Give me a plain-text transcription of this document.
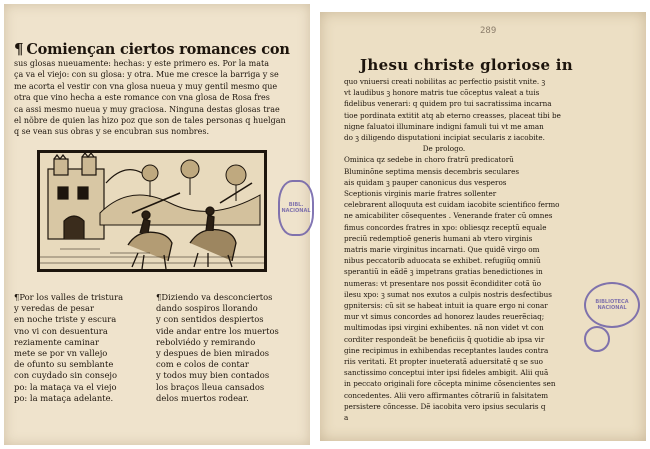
¶ Comiençan ciertos romances con
sus glosas nueuamente: hechas: y este primero es. Por la mata
ça va el viejo: con su glosa: y otra. Mue me cresce la barriga y se
me acorta el vestir con vna glosa nueua y muy gentil mesmo que
otra que vino hecha a este romance con vna glosa de Rosa fres
ca assi mesmo nueua y muy graciosa. Ninguna destas glosas trae
el nõbre de quien las hizo poz que son de tales personas q huelgan
q se vean sus obras y se encubran sus nombres.
¶Por los valles de tristura
y veredas de pesar
en noche triste y escura
vno vi con desuentura
reziamente caminar
mete se por vn vallejo
de ofunto su semblante
con cuydado sin consejo
po: la mataça va el viejo
po: la mataça adelante.
¶Diziendo va desconciertos
dando sospiros llorando
y con sentidos despiertos
vide andar entre los muertos
rebolviédo y remirando
y despues de bien mirados
com e colos de contar
y todos muy bien contados
los braços lleua cansados
delos muertos rodear.
BIBL. NACIONAL
289
Jhesu christe gloriose in
quo vniuersi creati nobilitas ac perfectio psistit vnite. ꝫ
vt laudibus ꝫ honore matris tue cõceptus valeat a tuis
fidelibus venerari: q quidem pro tui sacratissima incarna
tioe pordinata extitit atq ab eterno creasses, placeat tibi be
nigne faluatoi illuminare indigni famuli tui vt me aman
do ꝫ diligendo disputationi incipiat secularis z iacobite.
De prologo.
Ominica qz sedebe in choro fratrũ predicatorũ
Bluminõne septima mensis decembris seculares
ais quidam ꝫ pauper canonicus dus vesperos
Sceptionis virginis marie fratres sollenter
celebrarent alloquuta est cuidam iacobite scientifico fermo
ne amicabiliter cõsequentes . Venerande frater cũ omnes
fimus concordes fratres in xpo: obliesqz receptũ equale
preciũ redemptioẽ generis humani ab vtero virginis
matris marie virginitus incarnati. Que quidẽ virgo om
nibus peccatorib aduocata se exhibet. refugiũq omniũ
sperantiũ in eãdẽ ꝫ impetrans gratias benedictiones in
numeras: vt presentare nos possit ẽcondiditer cotã ũo
ilesu xpo: ꝫ sumat nos exutos a culpis nostris desfectibus
gpnitersis: cũ sit se habeat intuit ia quare ergo ni conar
mur vt simus concordes ad honorez laudes reuerẽciaq;
multimodas ipsi virgini exhibentes. nã non videt vt con
corditer respondeãt be beneficiis q̃ quotidie ab ipsa vir
gine recipimus in exhibendas receptantes laudes contra
riis veritati. Et propter inueteratã aduersitatẽ q se suo
sanctissimo conceptui inter ipsi fideles ambigit. Alii quã
in peccato originali fore cõcepta minime cõsencientes sen
concedentes. Alii vero affirmantes cõtrariũ in falsitatem
persistere cõncesse. Dẽ iacobita vero ipsius secularis q
a
BIBLIOTECA NACIONAL
